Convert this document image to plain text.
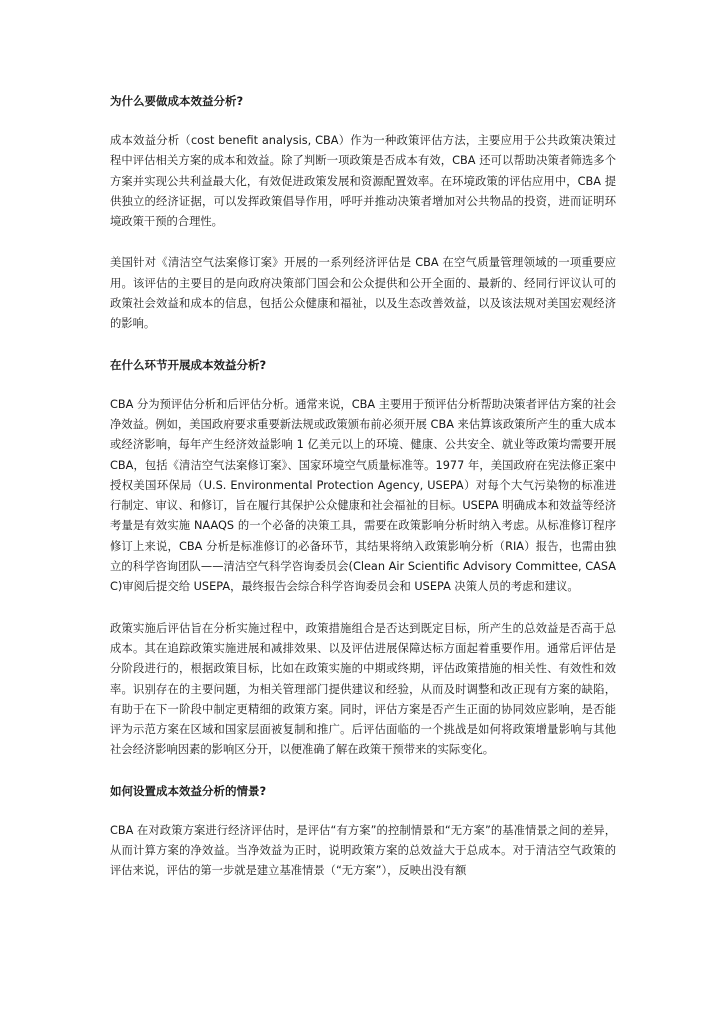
为什么要做成本效益分析?

成本效益分析（cost benefit analysis, CBA）作为一种政策评估方法，主要应用于公共政策决策过程中评估相关方案的成本和效益。除了判断一项政策是否成本有效，CBA 还可以帮助决策者筛选多个方案并实现公共利益最大化，有效促进政策发展和资源配置效率。在环境政策的评估应用中，CBA 提供独立的经济证据，可以发挥政策倡导作用，呼吁并推动决策者增加对公共物品的投资，进而证明环境政策干预的合理性。

美国针对《清洁空气法案修订案》开展的一系列经济评估是 CBA 在空气质量管理领域的一项重要应用。该评估的主要目的是向政府决策部门国会和公众提供和公开全面的、最新的、经同行评议认可的政策社会效益和成本的信息，包括公众健康和福祉，以及生态改善效益，以及该法规对美国宏观经济的影响。

在什么环节开展成本效益分析?

CBA 分为预评估分析和后评估分析。通常来说，CBA 主要用于预评估分析帮助决策者评估方案的社会净效益。例如，美国政府要求重要新法规或政策颁布前必须开展 CBA 来估算该政策所产生的重大成本或经济影响，每年产生经济效益影响 1 亿美元以上的环境、健康、公共安全、就业等政策均需要开展 CBA，包括《清洁空气法案修订案》、国家环境空气质量标准等。1977 年，美国政府在宪法修正案中授权美国环保局（U.S. Environmental Protection Agency, USEPA）对每个大气污染物的标准进行制定、审议、和修订，旨在履行其保护公众健康和社会福祉的目标。USEPA 明确成本和效益等经济考量是有效实施 NAAQS 的一个必备的决策工具，需要在政策影响分析时纳入考虑。从标准修订程序修订上来说，CBA 分析是标准修订的必备环节，其结果将纳入政策影响分析（RIA）报告，也需由独立的科学咨询团队——清洁空气科学咨询委员会(Clean Air Scientific Advisory Committee, CASAC)审阅后提交给 USEPA，最终报告会综合科学咨询委员会和 USEPA 决策人员的考虑和建议。

政策实施后评估旨在分析实施过程中，政策措施组合是否达到既定目标，所产生的总效益是否高于总成本。其在追踪政策实施进展和减排效果、以及评估进展保障达标方面起着重要作用。通常后评估是分阶段进行的，根据政策目标，比如在政策实施的中期或终期，评估政策措施的相关性、有效性和效率。识别存在的主要问题，为相关管理部门提供建议和经验，从而及时调整和改正现有方案的缺陷，有助于在下一阶段中制定更精细的政策方案。同时，评估方案是否产生正面的协同效应影响，是否能评为示范方案在区域和国家层面被复制和推广。后评估面临的一个挑战是如何将政策增量影响与其他社会经济影响因素的影响区分开，以便准确了解在政策干预带来的实际变化。

如何设置成本效益分析的情景?

CBA 在对政策方案进行经济评估时，是评估“有方案”的控制情景和“无方案”的基准情景之间的差异，从而计算方案的净效益。当净效益为正时，说明政策方案的总效益大于总成本。对于清洁空气政策的评估来说，评估的第一步就是建立基准情景（“无方案”），反映出没有额
